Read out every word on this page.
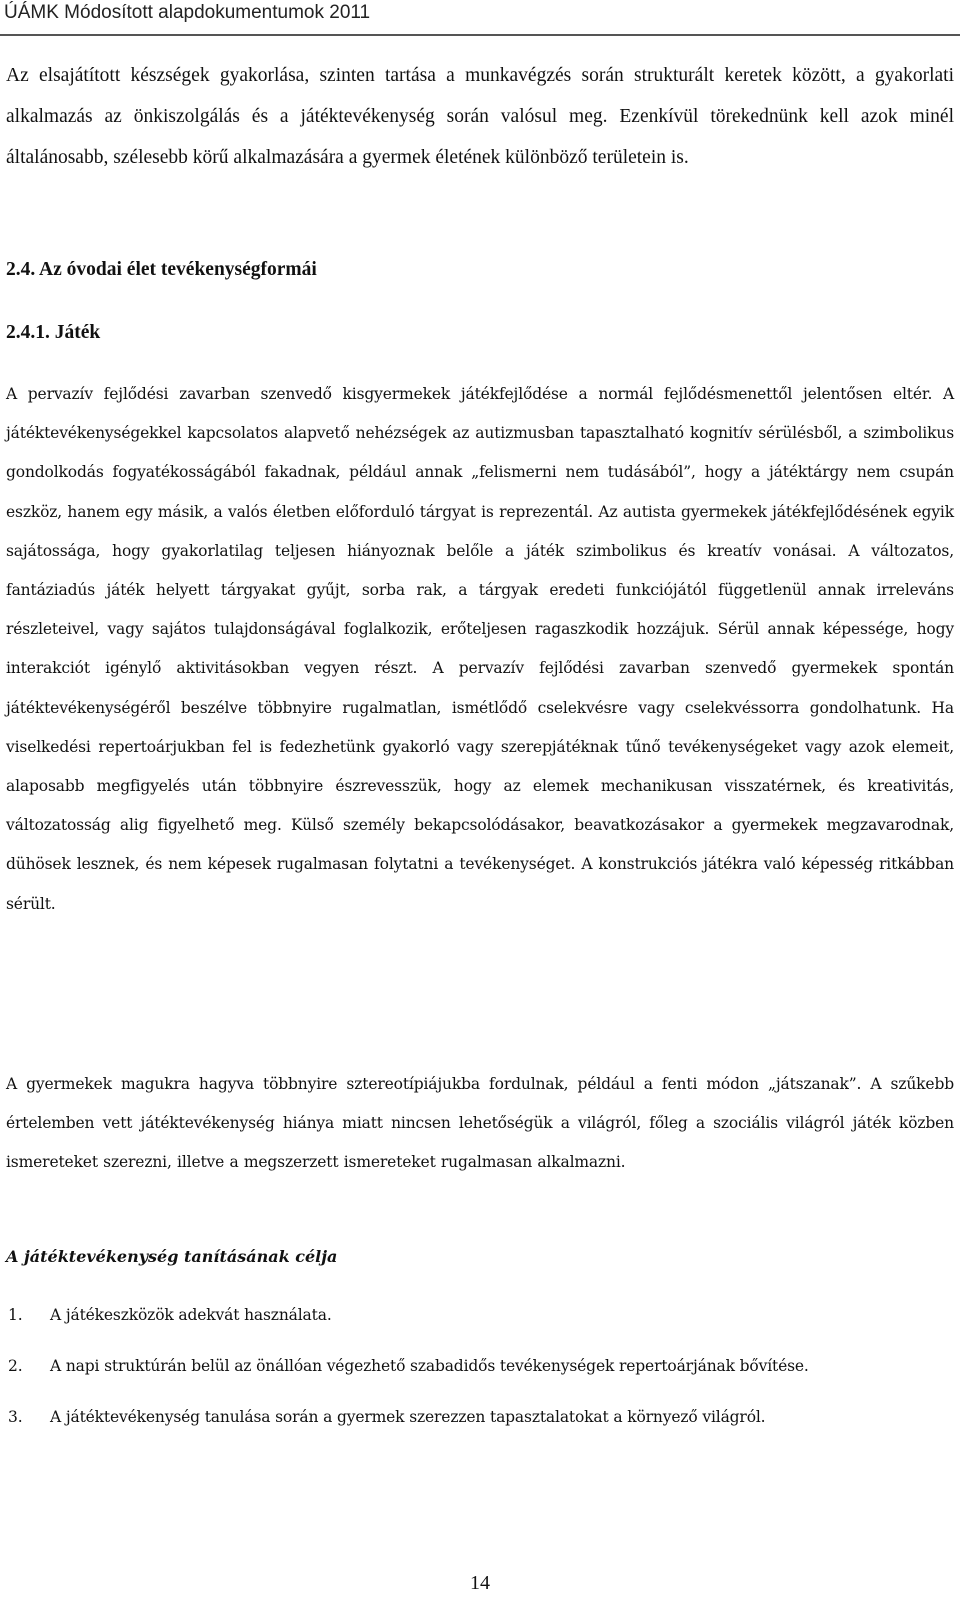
ÚÁMK Módosított alapdokumentumok 2011

Az elsajátított készségek gyakorlása, szinten tartása a munkavégzés során strukturált keretek között, a gyakorlati alkalmazás az önkiszolgálás és a játéktevékenység során valósul meg. Ezenkívül törekednünk kell azok minél általánosabb, szélesebb körű alkalmazására a gyermek életének különböző területein is.

2.4. Az óvodai élet tevékenységformái
2.4.1. Játék

A pervazív fejlődési zavarban szenvedő kisgyermekek játékfejlődése a normál fejlődésmenettől jelentősen eltér. A játéktevékenységekkel kapcsolatos alapvető nehézségek az autizmusban tapasztalható kognitív sérülésből, a szimbolikus gondolkodás fogyatékosságából fakadnak, például annak „felismerni nem tudásából”, hogy a játéktárgy nem csupán eszköz, hanem egy másik, a valós életben előforduló tárgyat is reprezentál. Az autista gyermekek játékfejlődésének egyik sajátossága, hogy gyakorlatilag teljesen hiányoznak belőle a játék szimbolikus és kreatív vonásai. A változatos, fantáziadús játék helyett tárgyakat gyűjt, sorba rak, a tárgyak eredeti funkciójától függetlenül annak irreleváns részleteivel, vagy sajátos tulajdonságával foglalkozik, erőteljesen ragaszkodik hozzájuk. Sérül annak képessége, hogy interakciót igénylő aktivitásokban vegyen részt. A pervazív fejlődési zavarban szenvedő gyermekek spontán játéktevékenységéről beszélve többnyire rugalmatlan, ismétlődő cselekvésre vagy cselekvéssorra gondolhatunk. Ha viselkedési repertoárjukban fel is fedezhetünk gyakorló vagy szerepjátéknak tűnő tevékenységeket vagy azok elemeit, alaposabb megfigyelés után többnyire észrevesszük, hogy az elemek mechanikusan visszatérnek, és kreativitás, változatosság alig figyelhető meg. Külső személy bekapcsolódásakor, beavatkozásakor a gyermekek megzavarodnak, dühösek lesznek, és nem képesek rugalmasan folytatni a tevékenységet. A konstrukciós játékra való képesség ritkábban sérült.

A gyermekek magukra hagyva többnyire sztereotípiájukba fordulnak, például a fenti módon „játszanak”. A szűkebb értelemben vett játéktevékenység hiánya miatt nincsen lehetőségük a világról, főleg a szociális világról játék közben ismereteket szerezni, illetve a megszerzett ismereteket rugalmasan alkalmazni.

A játéktevékenység tanításának célja
1. A játékeszközök adekvát használata.
2. A napi struktúrán belül az önállóan végezhető szabadidős tevékenységek repertoárjának bővítése.
3. A játéktevékenység tanulása során a gyermek szerezzen tapasztalatokat a környező világról.
14
